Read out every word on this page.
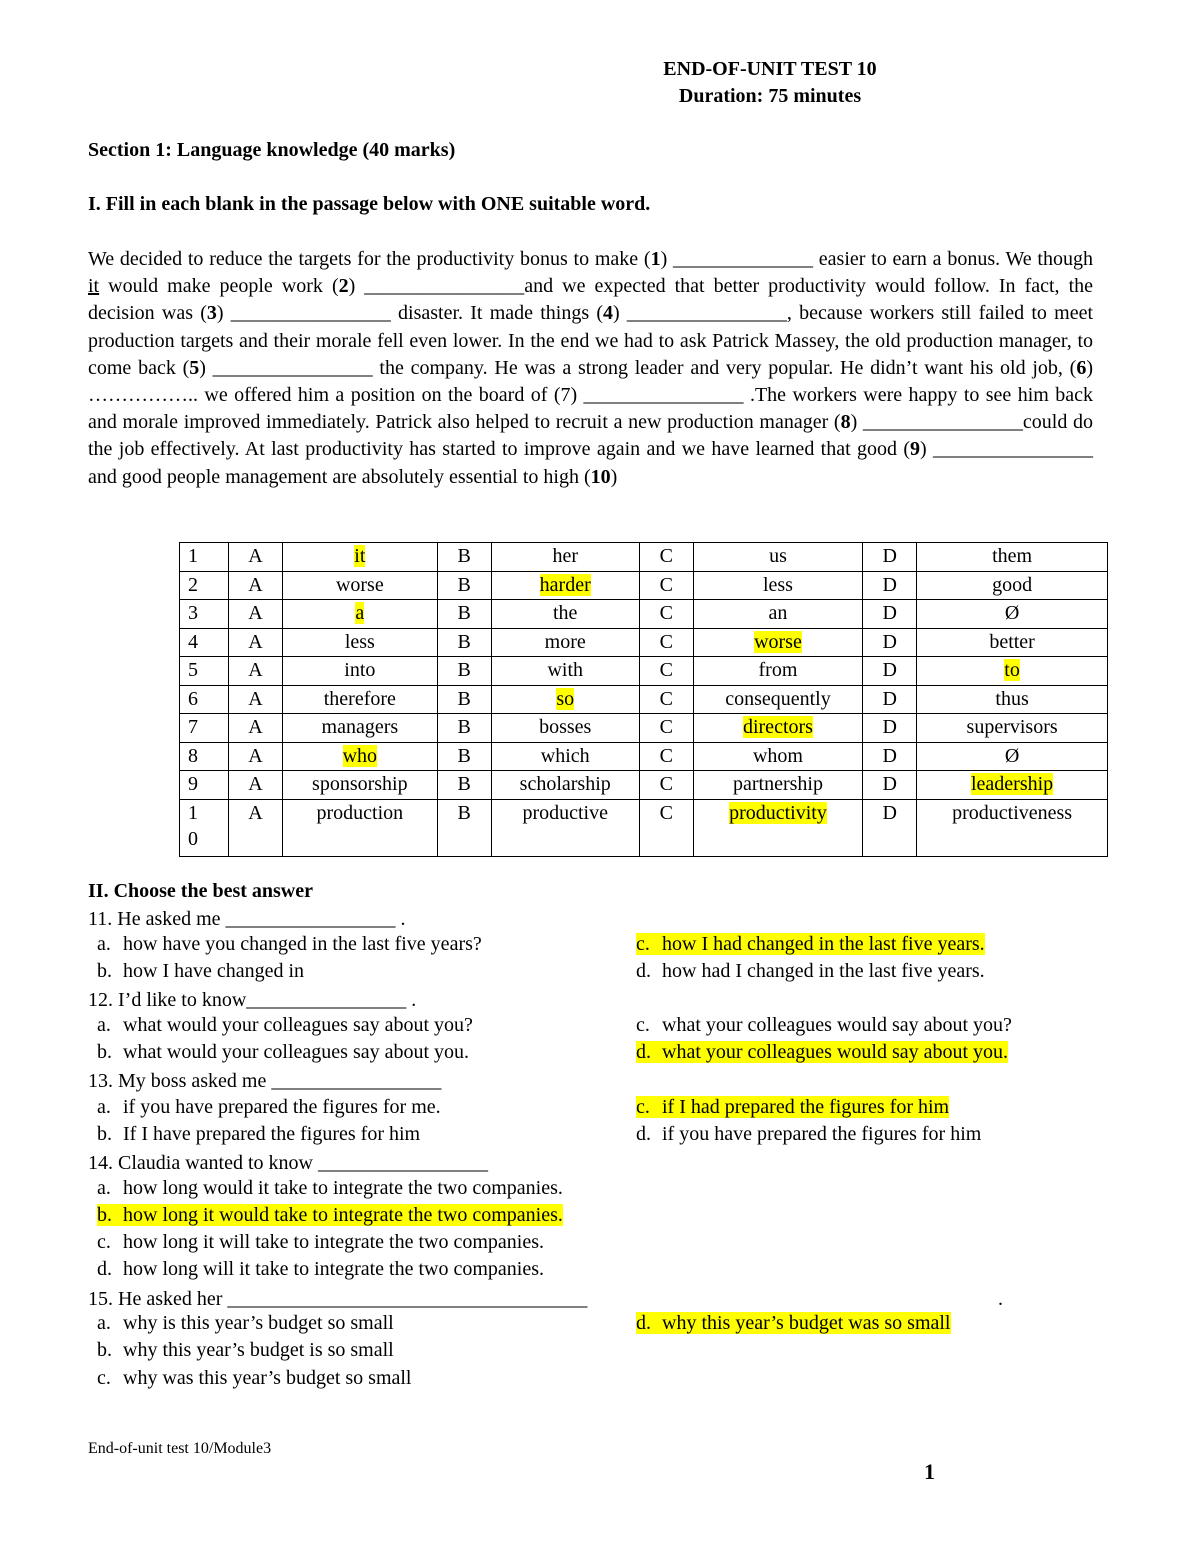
END-OF-UNIT TEST 10
Duration: 75 minutes
Section 1: Language knowledge (40 marks)
I. Fill in each blank in the passage below with ONE suitable word.

We decided to reduce the targets for the productivity bonus to make (1) ______________ easier to earn a bonus. We though it would make people work (2) ________________and we expected that better productivity would follow. In fact, the decision was (3) ________________ disaster. It made things (4) ________________, because workers still failed to meet production targets and their morale fell even lower. In the end we had to ask Patrick Massey, the old production manager, to come back (5) ________________ the company. He was a strong leader and very popular. He didn’t want his old job, (6) …………….. we offered him a position on the board of (7) ________________ .The workers were happy to see him back and morale improved immediately. Patrick also helped to recruit a new production manager (8) ________________could do the job effectively. At last productivity has started to improve again and we have learned that good (9) ________________ and good people management are absolutely essential to high (10)

1	A	it	B	her	C	us	D	them
2	A	worse	B	harder	C	less	D	good
3	A	a	B	the	C	an	D	Ø
4	A	less	B	more	C	worse	D	better
5	A	into	B	with	C	from	D	to
6	A	therefore	B	so	C	consequently	D	thus
7	A	managers	B	bosses	C	directors	D	supervisors
8	A	who	B	which	C	whom	D	Ø
9	A	sponsorship	B	scholarship	C	partnership	D	leadership
1
0	A	production	B	productive	C	productivity	D	productiveness
II. Choose the best answer
11. He asked me _________________ .
a. how have you changed in the last five years?	c. how I had changed in the last five years.
b. how I have changed in	d. how had I changed in the last five years.
12. I’d like to know________________ .
a. what would your colleagues say about you?	c. what your colleagues would say about you?
b. what would your colleagues say about you.	d. what your colleagues would say about you.
13. My boss asked me _________________
a. if you have prepared the figures for me.	c. if I had prepared the figures for him
b. If I have prepared the figures for him	d. if you have prepared the figures for him
14. Claudia wanted to know _________________
a. how long would it take to integrate the two companies.
b. how long it would take to integrate the two companies.
c. how long it will take to integrate the two companies.
d. how long will it take to integrate the two companies.
15. He asked her ____________________________________	.
a. why is this year’s budget so small	d. why this year’s budget was so small
b. why this year’s budget is so small
c. why was this year’s budget so small
End-of-unit test 10/Module3
1
